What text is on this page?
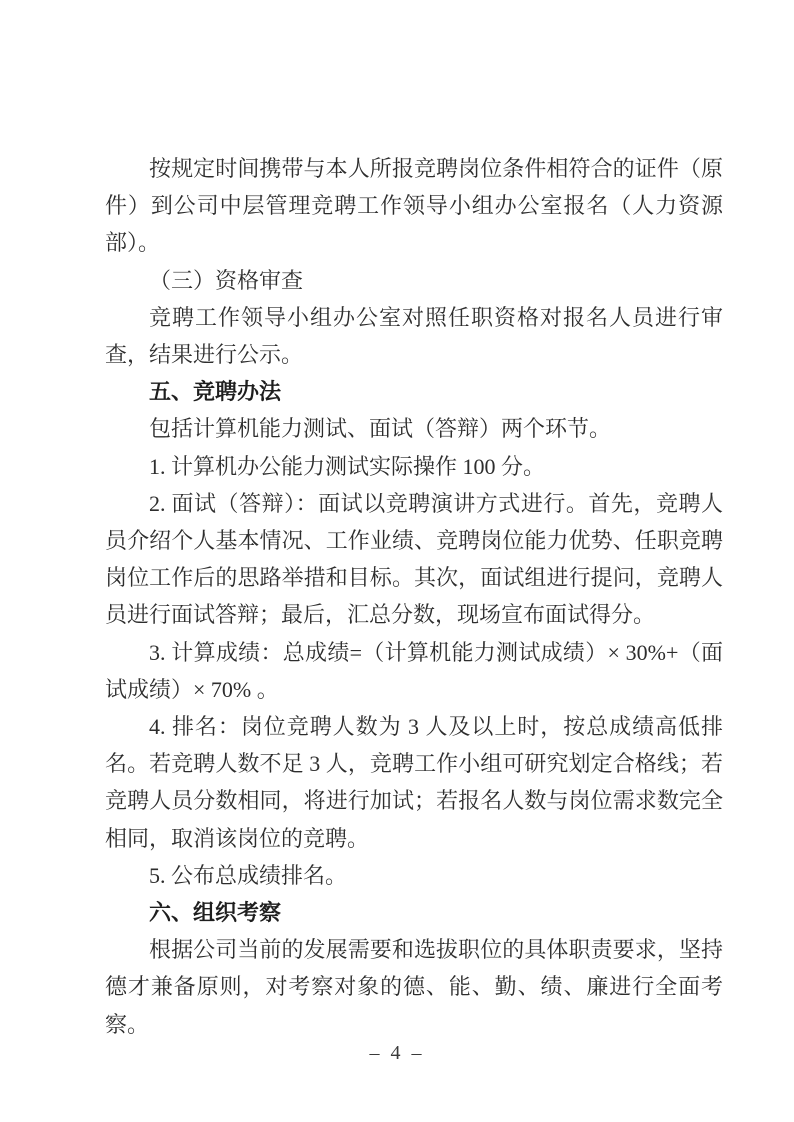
按规定时间携带与本人所报竞聘岗位条件相符合的证件（原件）到公司中层管理竞聘工作领导小组办公室报名（人力资源部）。

（三）资格审查

竞聘工作领导小组办公室对照任职资格对报名人员进行审查，结果进行公示。

五、竞聘办法

包括计算机能力测试、面试（答辩）两个环节。

1. 计算机办公能力测试实际操作 100 分。

2. 面试（答辩）：面试以竞聘演讲方式进行。首先，竞聘人员介绍个人基本情况、工作业绩、竞聘岗位能力优势、任职竞聘岗位工作后的思路举措和目标。其次，面试组进行提问，竞聘人员进行面试答辩；最后，汇总分数，现场宣布面试得分。

3. 计算成绩：总成绩=（计算机能力测试成绩）× 30%+（面试成绩）× 70% 。

4. 排名：岗位竞聘人数为 3 人及以上时，按总成绩高低排名。若竞聘人数不足 3 人，竞聘工作小组可研究划定合格线；若竞聘人员分数相同，将进行加试；若报名人数与岗位需求数完全相同，取消该岗位的竞聘。

5. 公布总成绩排名。

六、组织考察

根据公司当前的发展需要和选拔职位的具体职责要求，坚持德才兼备原则，对考察对象的德、能、勤、绩、廉进行全面考察。

– 4 –
